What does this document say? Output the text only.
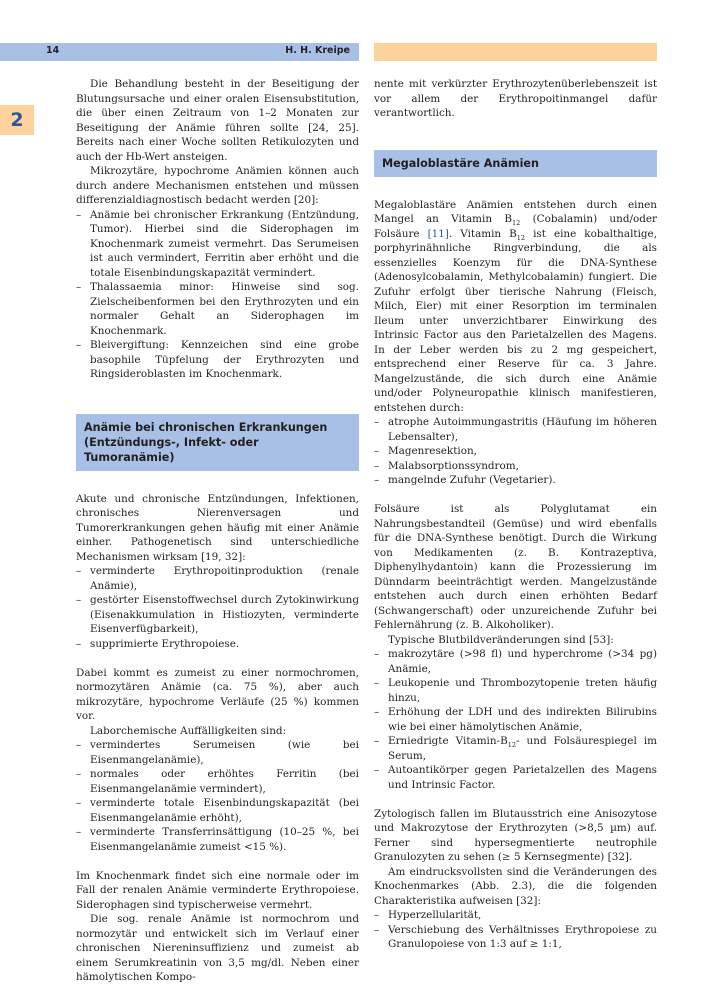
14	H. H. Kreipe
2

Die Behandlung besteht in der Beseitigung der Blutungsursache und einer oralen Eisensubstitution, die über einen Zeitraum von 1–2 Monaten zur Beseitigung der Anämie führen sollte [24, 25]. Bereits nach einer Woche sollten Retikulozyten und auch der Hb-Wert ansteigen.

Mikrozytäre, hypochrome Anämien können auch durch andere Mechanismen entstehen und müssen differenzialdiagnostisch bedacht werden [20]:

– Anämie bei chronischer Erkrankung (Entzündung, Tumor). Hierbei sind die Siderophagen im Knochenmark zumeist vermehrt. Das Serumeisen ist auch vermindert, Ferritin aber erhöht und die totale Eisenbindungskapazität vermindert.
– Thalassaemia minor: Hinweise sind sog. Zielscheibenformen bei den Erythrozyten und ein normaler Gehalt an Siderophagen im Knochenmark.
– Bleivergiftung: Kennzeichen sind eine grobe basophile Tüpfelung der Erythrozyten und Ringsideroblasten im Knochenmark.
Anämie bei chronischen Erkrankungen (Entzündungs-, Infekt- oder Tumoranämie)

Akute und chronische Entzündungen, Infektionen, chronisches Nierenversagen und Tumorerkrankungen gehen häufig mit einer Anämie einher. Pathogenetisch sind unterschiedliche Mechanismen wirksam [19, 32]:

– verminderte Erythropoitinproduktion (renale Anämie),
– gestörter Eisenstoffwechsel durch Zytokinwirkung (Eisenakkumulation in Histiozyten, verminderte Eisenverfügbarkeit),
– supprimierte Erythropoiese.

Dabei kommt es zumeist zu einer normochromen, normozytären Anämie (ca. 75 %), aber auch mikrozytäre, hypochrome Verläufe (25 %) kommen vor.

Laborchemische Auffälligkeiten sind:

– vermindertes Serumeisen (wie bei Eisenmangelanämie),
– normales oder erhöhtes Ferritin (bei Eisenmangelanämie vermindert),
– verminderte totale Eisenbindungskapazität (bei Eisenmangelanämie erhöht),
– verminderte Transferrinsättigung (10–25 %, bei Eisenmangelanämie zumeist <15 %).

Im Knochenmark findet sich eine normale oder im Fall der renalen Anämie verminderte Erythropoiese. Siderophagen sind typischerweise vermehrt.

Die sog. renale Anämie ist normochrom und normozytär und entwickelt sich im Verlauf einer chronischen Niereninsuffizienz und zumeist ab einem Serumkreatinin von 3,5 mg/dl. Neben einer hämolytischen Kompo-

nente mit verkürzter Erythrozytenüberlebenszeit ist vor allem der Erythropoitinmangel dafür verantwortlich.

Megaloblastäre Anämien

Megaloblastäre Anämien entstehen durch einen Mangel an Vitamin $B_{12}$ (Cobalamin) und/oder Folsäure [11]. Vitamin $B_{12}$ ist eine kobalthaltige, porphyrinähnliche Ringverbindung, die als essenzielles Koenzym für die DNA-Synthese (Adenosylcobalamin, Methylcobalamin) fungiert. Die Zufuhr erfolgt über tierische Nahrung (Fleisch, Milch, Eier) mit einer Resorption im terminalen Ileum unter unverzichtbarer Einwirkung des Intrinsic Factor aus den Parietalzellen des Magens. In der Leber werden bis zu 2 mg gespeichert, entsprechend einer Reserve für ca. 3 Jahre. Mangelzustände, die sich durch eine Anämie und/oder Polyneuropathie klinisch manifestieren, entstehen durch:

– atrophe Autoimmungastritis (Häufung im höheren Lebensalter),
– Magenresektion,
– Malabsorptionssyndrom,
– mangelnde Zufuhr (Vegetarier).

Folsäure ist als Polyglutamat ein Nahrungsbestandteil (Gemüse) und wird ebenfalls für die DNA-Synthese benötigt. Durch die Wirkung von Medikamenten (z. B. Kontrazeptiva, Diphenylhydantoin) kann die Prozessierung im Dünndarm beeinträchtigt werden. Mangelzustände entstehen auch durch einen erhöhten Bedarf (Schwangerschaft) oder unzureichende Zufuhr bei Fehlernährung (z. B. Alkoholiker).

Typische Blutbildveränderungen sind [53]:

– makrozytäre (>98 fl) und hyperchrome (>34 pg) Anämie,
– Leukopenie und Thrombozytopenie treten häufig hinzu,
– Erhöhung der LDH und des indirekten Bilirubins wie bei einer hämolytischen Anämie,
– Erniedrigte Vitamin-$B_{12}-$ und Folsäurespiegel im Serum,
– Autoantikörper gegen Parietalzellen des Magens und Intrinsic Factor.

Zytologisch fallen im Blutausstrich eine Anisozytose und Makrozytose der Erythrozyten (>8,5 µm) auf. Ferner sind hypersegmentierte neutrophile Granulozyten zu sehen (≥ 5 Kernsegmente) [32].

Am eindrucksvollsten sind die Veränderungen des Knochenmarkes (Abb. 2.3), die die folgenden Charakteristika aufweisen [32]:

– Hyperzellularität,
– Verschiebung des Verhältnisses Erythropoiese zu Granulopoiese von 1:3 auf ≥ 1:1,
